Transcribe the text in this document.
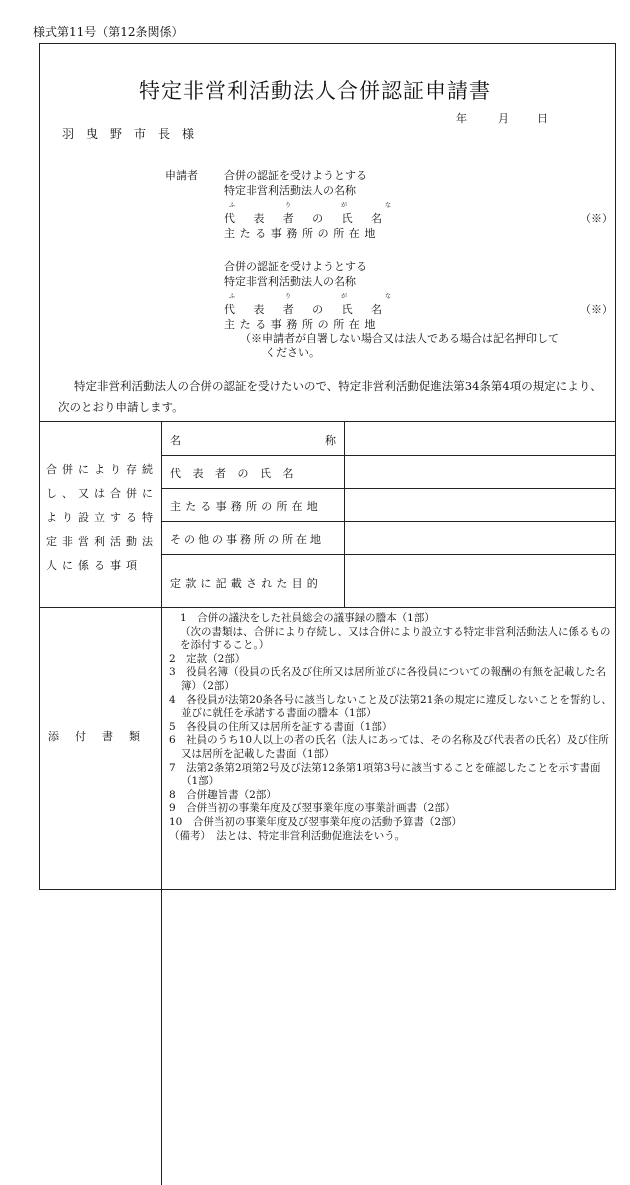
様式第11号（第12条関係）
特定非営利活動法人合併認証申請書
年	月	日
羽曳野市長様
申請者 合併の認証を受けようとする
特定非営利活動法人の名称
ふ	り	が	な
代 表 者 の 氏 名	（※）
主たる事務所の所在地
合併の認証を受けようとする
特定非営利活動法人の名称
ふ	り	が	な
代 表 者 の 氏 名	（※）
主たる事務所の所在地
（※申請者が自署しない場合又は法人である場合は記名押印して
ください。
特定非営利活動法人の合併の認証を受けたいので、特定非営利活動促進法第34条第4項の規定により、
次のとおり申請します。
合併により存続
し、又は合併に
より設立する特
定非営利活動法
人に係る事項
名	称
代表者の氏名
主たる事務所の所在地
その他の事務所の所在地
定款に記載された目的
添付書類

1　合併の議決をした社員総会の議事録の謄本（1部）

（次の書類は、合併により存続し、又は合併により設立する特定非営利活動法人に係るものを添付すること。）

2　定款（2部）

3　役員名簿（役員の氏名及び住所又は居所並びに各役員についての報酬の有無を記載した名簿）（2部）

4　各役員が法第20条各号に該当しないこと及び法第21条の規定に違反しないことを誓約し、並びに就任を承諾する書面の謄本（1部）

5　各役員の住所又は居所を証する書面（1部）

6　社員のうち10人以上の者の氏名（法人にあっては、その名称及び代表者の氏名）及び住所又は居所を記載した書面（1部）

7　法第2条第2項第2号及び法第12条第1項第3号に該当することを確認したことを示す書面（1部）

8　合併趣旨書（2部）

9　合併当初の事業年度及び翌事業年度の事業計画書（2部）

10　合併当初の事業年度及び翌事業年度の活動予算書（2部）

（備考）　法とは、特定非営利活動促進法をいう。
